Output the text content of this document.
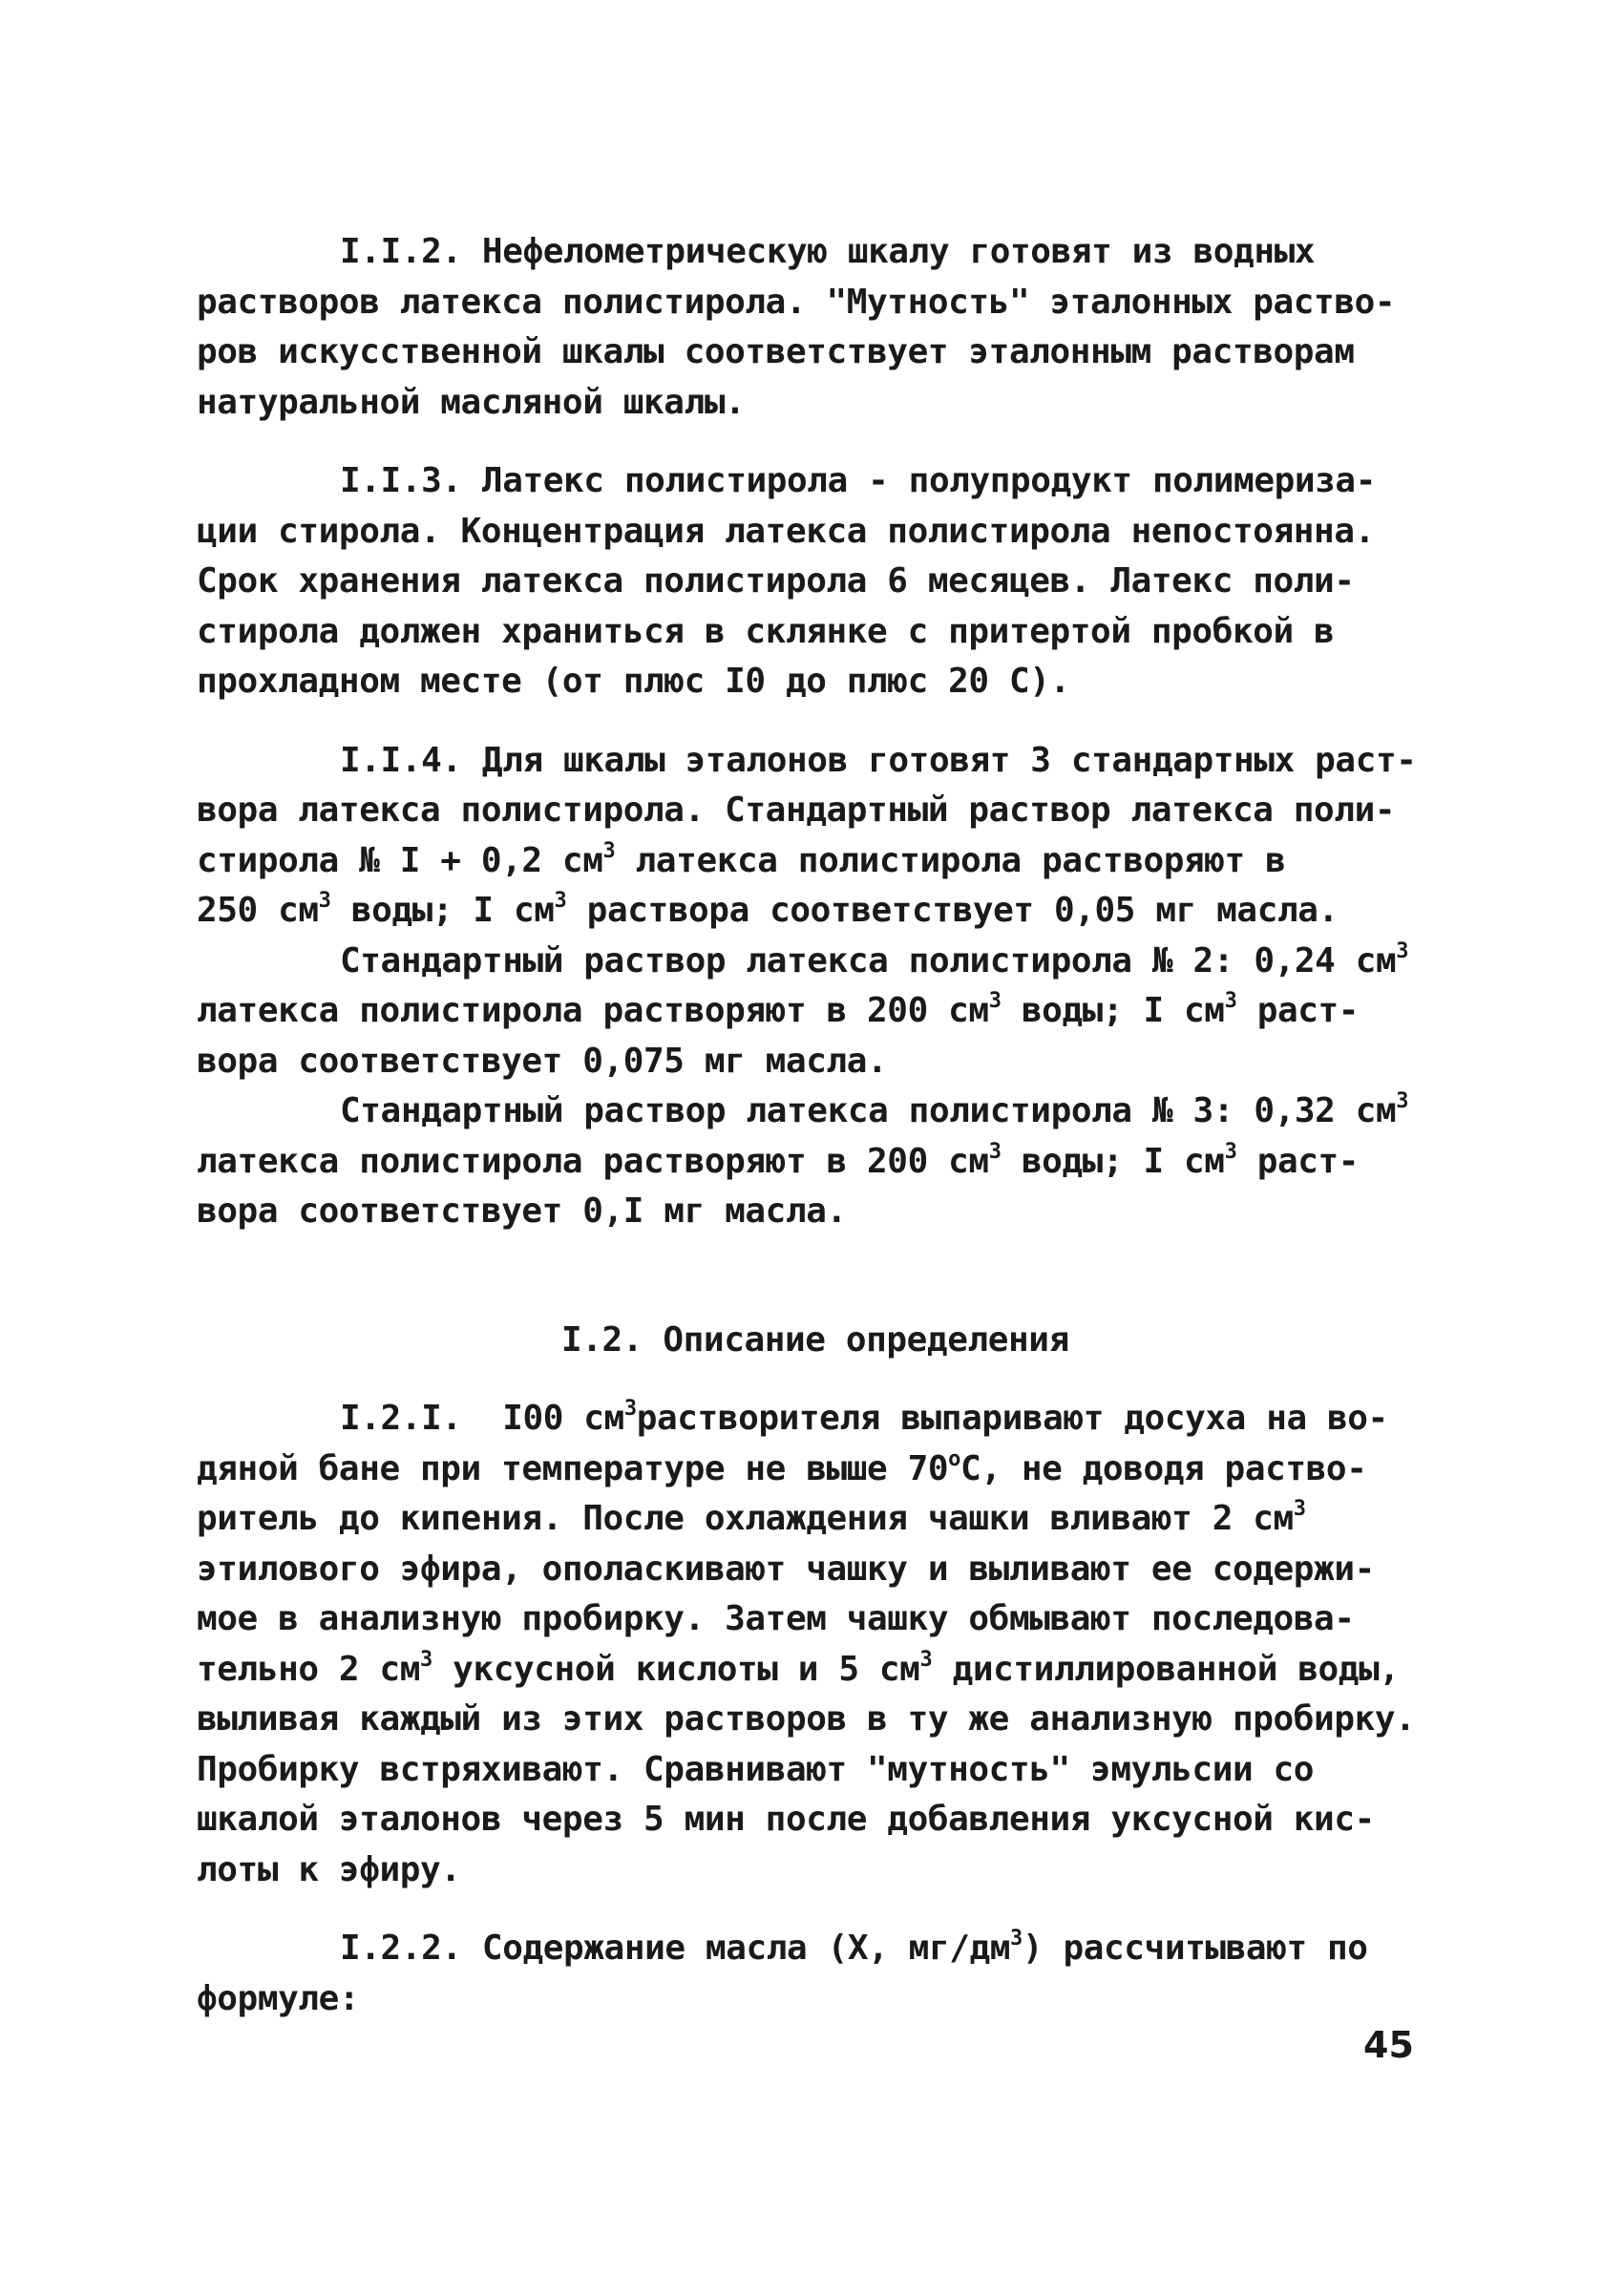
I.I.2. Нефелометрическую шкалу готовят из водных
растворов латекса полистирола. "Мутность" эталонных раство-
ров искусственной шкалы соответствует эталонным растворам
натуральной масляной шкалы.
I.I.3. Латекс полистирола - полупродукт полимериза-
ции стирола. Концентрация латекса полистирола непостоянна.
Срок хранения латекса полистирола 6 месяцев. Латекс поли-
стирола должен храниться в склянке с притертой пробкой в
прохладном месте (от плюс I0 до плюс 20 С).
I.I.4. Для шкалы эталонов готовят 3 стандартных раст-
вора латекса полистирола. Стандартный раствор латекса поли-
стирола № I + 0,2 $см^3$ латекса полистирола растворяют в
250 $см^3$ воды; I $см^3$ раствора соответствует 0,05 мг масла.
Стандартный раствор латекса полистирола № 2: 0,24 $см^3$
латекса полистирола растворяют в 200 $см^3$ воды; I $см^3$ раст-
вора соответствует 0,075 мг масла.
Стандартный раствор латекса полистирола № 3: 0,32 $см^3$
латекса полистирола растворяют в 200 $см^3$ воды; I $см^3$ раст-
вора соответствует 0,I мг масла.
I.2. Описание определения
I.2.I.  I00 $см^3растворителя$ выпаривают досуха на во-
дяной бане при температуре не выше $70^оС$, не доводя раство-
ритель до кипения. После охлаждения чашки вливают 2 $см^3$
этилового эфира, ополаскивают чашку и выливают ее содержи-
мое в анализную пробирку. Затем чашку обмывают последова-
тельно 2 $см^3$ уксусной кислоты и 5 $см^3$ дистиллированной воды,
выливая каждый из этих растворов в ту же анализную пробирку.
Пробирку встряхивают. Сравнивают "мутность" эмульсии со
шкалой эталонов через 5 мин после добавления уксусной кис-
лоты к эфиру.
I.2.2. Содержание масла (X, $мг/дм^3$) рассчитывают по
формуле:
45
